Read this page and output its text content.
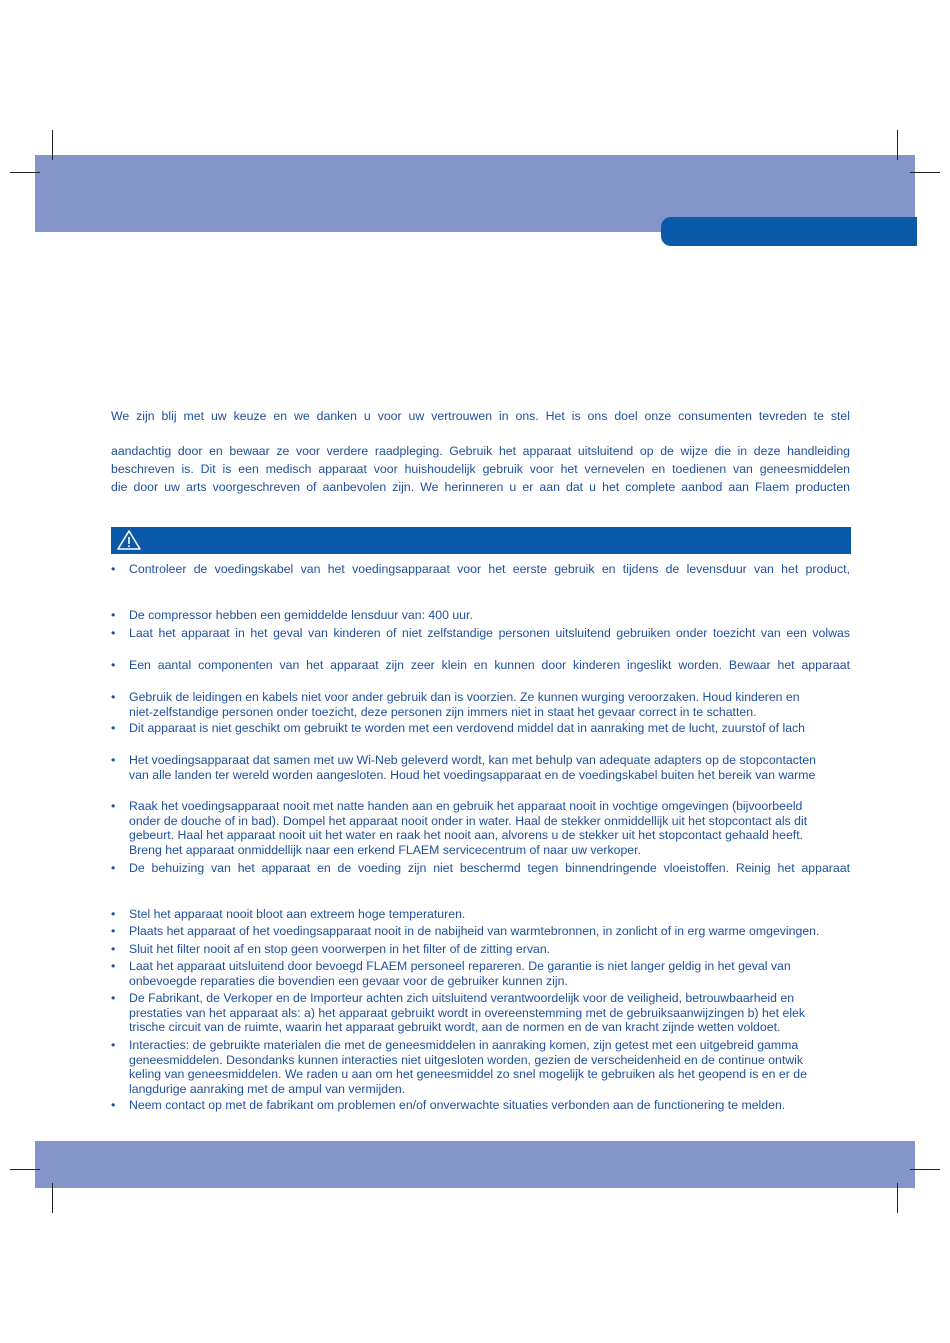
We zijn blij met uw keuze en we danken u voor uw vertrouwen in ons. Het is ons doel onze consumenten tevreden te stel

aandachtig door en bewaar ze voor verdere raadpleging. Gebruik het apparaat uitsluitend op de wijze die in deze handleiding

beschreven is. Dit is een medisch apparaat voor huishoudelijk gebruik voor het vernevelen en toedienen van geneesmiddelen

die door uw arts voorgeschreven of aanbevolen zijn. We herinneren u er aan dat u het complete aanbod aan Flaem producten

• Controleer de voedingskabel van het voedingsapparaat voor het eerste gebruik en tijdens de levensduur van het product,
• De compressor hebben een gemiddelde lensduur van: 400 uur.
• Laat het apparaat in het geval van kinderen of niet zelfstandige personen uitsluitend gebruiken onder toezicht van een volwas
• Een aantal componenten van het apparaat zijn zeer klein en kunnen door kinderen ingeslikt worden. Bewaar het apparaat
• Gebruik de leidingen en kabels niet voor ander gebruik dan is voorzien. Ze kunnen wurging veroorzaken. Houd kinderen en
niet-zelfstandige personen onder toezicht, deze personen zijn immers niet in staat het gevaar correct in te schatten.
• Dit apparaat is niet geschikt om gebruikt te worden met een verdovend middel dat in aanraking met de lucht, zuurstof of lach
• Het voedingsapparaat dat samen met uw Wi-Neb geleverd wordt, kan met behulp van adequate adapters op de stopcontacten
van alle landen ter wereld worden aangesloten. Houd het voedingsapparaat en de voedingskabel buiten het bereik van warme
• Raak het voedingsapparaat nooit met natte handen aan en gebruik het apparaat nooit in vochtige omgevingen (bijvoorbeeld
onder de douche of in bad). Dompel het apparaat nooit onder in water. Haal de stekker onmiddellijk uit het stopcontact als dit
gebeurt. Haal het apparaat nooit uit het water en raak het nooit aan, alvorens u de stekker uit het stopcontact gehaald heeft.
Breng het apparaat onmiddellijk naar een erkend FLAEM servicecentrum of naar uw verkoper.
• De behuizing van het apparaat en de voeding zijn niet beschermd tegen binnendringende vloeistoffen. Reinig het apparaat
• Stel het apparaat nooit bloot aan extreem hoge temperaturen.
• Plaats het apparaat of het voedingsapparaat nooit in de nabijheid van warmtebronnen, in zonlicht of in erg warme omgevingen.
• Sluit het filter nooit af en stop geen voorwerpen in het filter of de zitting ervan.
• Laat het apparaat uitsluitend door bevoegd FLAEM personeel repareren. De garantie is niet langer geldig in het geval van
onbevoegde reparaties die bovendien een gevaar voor de gebruiker kunnen zijn.
• De Fabrikant, de Verkoper en de Importeur achten zich uitsluitend verantwoordelijk voor de veiligheid, betrouwbaarheid en
prestaties van het apparaat als: a) het apparaat gebruikt wordt in overeenstemming met de gebruiksaanwijzingen b) het elek
trische circuit van de ruimte, waarin het apparaat gebruikt wordt, aan de normen en de van kracht zijnde wetten voldoet.
• Interacties: de gebruikte materialen die met de geneesmiddelen in aanraking komen, zijn getest met een uitgebreid gamma
geneesmiddelen. Desondanks kunnen interacties niet uitgesloten worden, gezien de verscheidenheid en de continue ontwik
keling van geneesmiddelen. We raden u aan om het geneesmiddel zo snel mogelijk te gebruiken als het geopend is en er de
langdurige aanraking met de ampul van vermijden.
• Neem contact op met de fabrikant om problemen en/of onverwachte situaties verbonden aan de functionering te melden.
